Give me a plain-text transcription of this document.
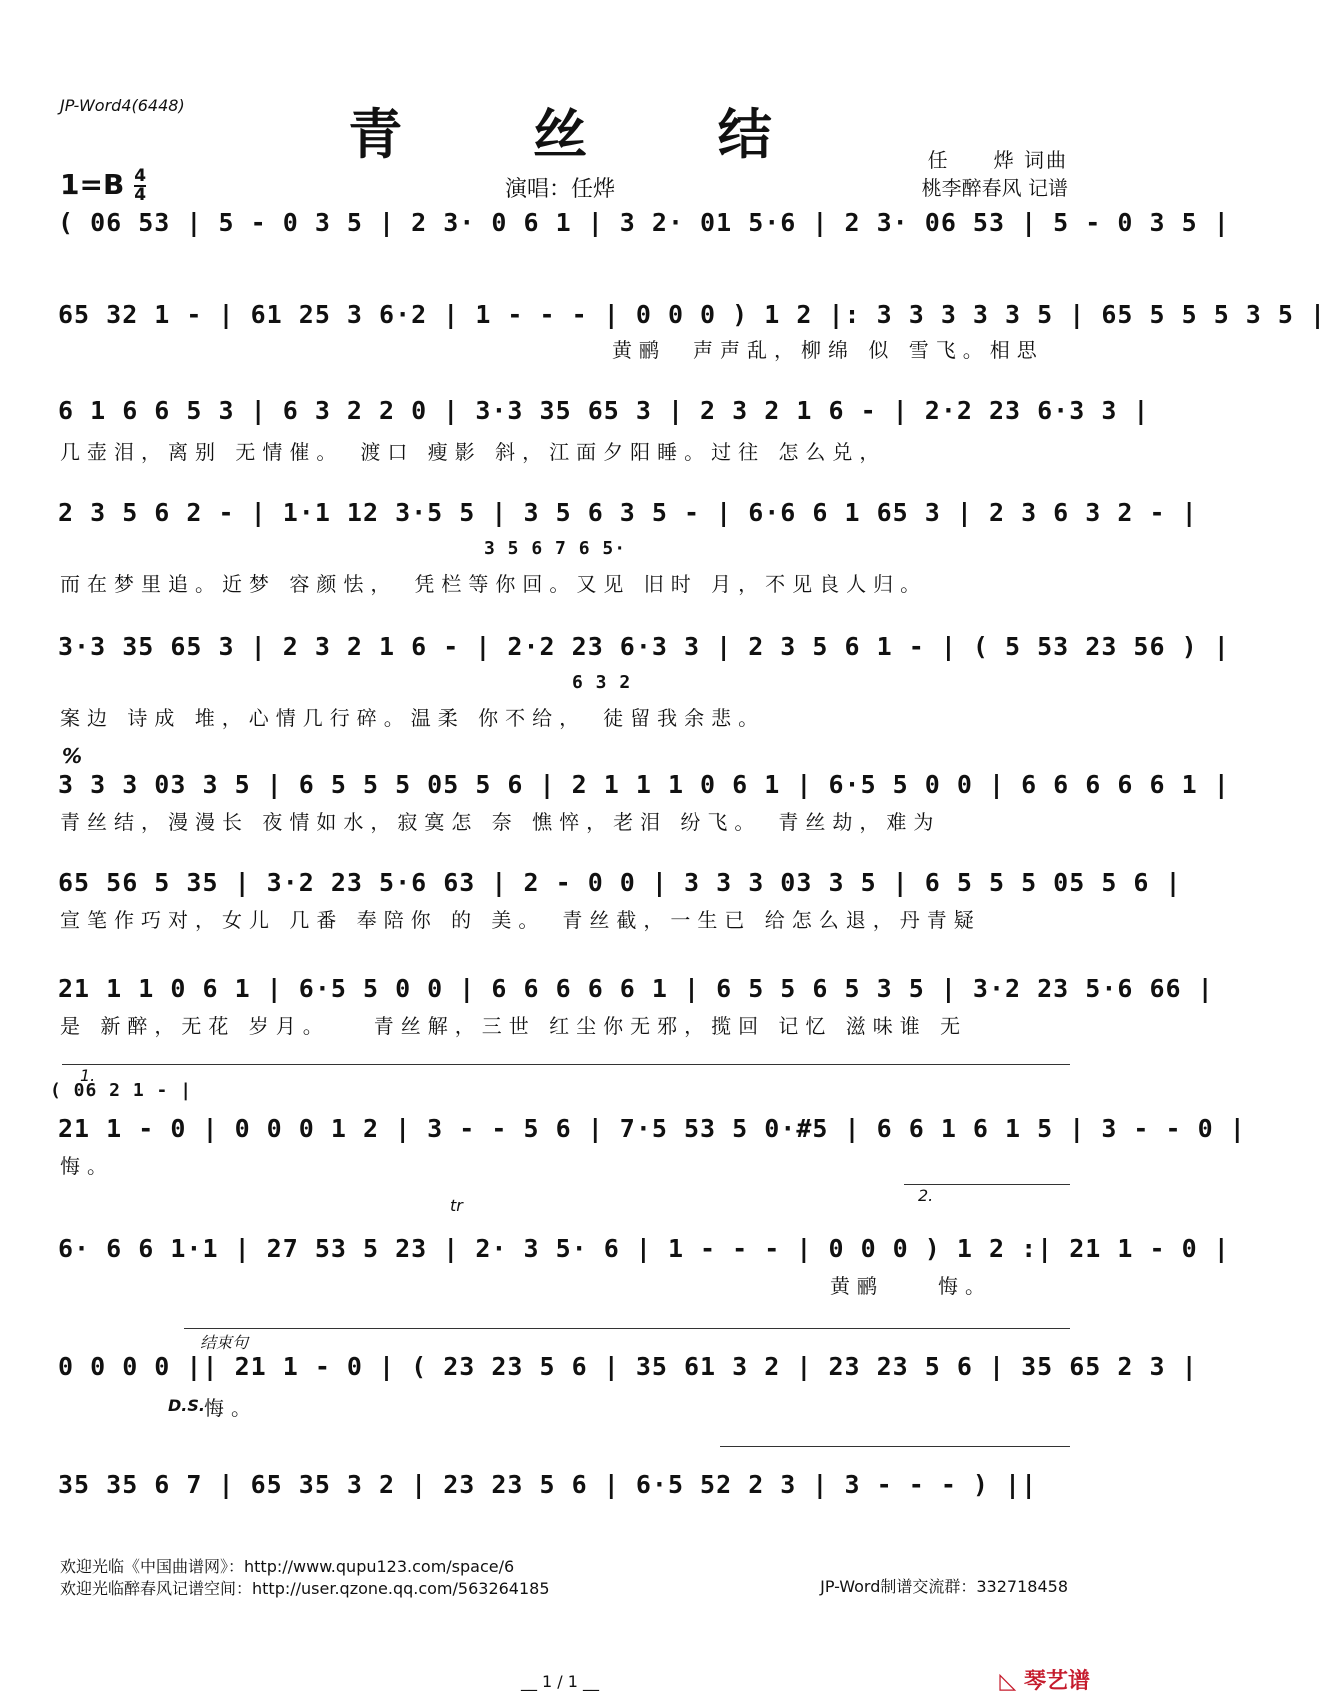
JP-Word4(6448)	青 丝 结
$1=B \frac{4}{4}$	演唱：任烨
任　　烨 词曲
桃李醉春风 记谱
( 06 53 | 5 - 0 3 5 | 2 3· 0 6 1 | 3 2· 01 5·6 | 2 3· 06 53 | 5 - 0 3 5 |
65 32 1 - | 61 25 3 6·2 | 1 - - - | 0 0 0 ) 1 2 |: 3 3 3 3 3 5 | 65 5 5 5 3 5 |
黄鹂　声声乱，柳绵 似 雪飞。相思
6 1 6 6 5 3 | 6 3 2 2 0 | 3·3 35 65 3 | 2 3 2 1 6 - | 2·2 23 6·3 3 |
几壶泪，离别 无情催。　渡口 瘦影 斜，江面夕阳睡。过往 怎么兑，
2 3 5 6 2 - | 1·1 12 3·5 5 | 3 5 6 3 5 - | 6·6 6 1 65 3 | 2 3 6 3 2 - |
3 5 6 7 6 5·
而在梦里追。近梦 容颜怯，　凭栏等你回。又见 旧时 月，不见良人归。
3·3 35 65 3 | 2 3 2 1 6 - | 2·2 23 6·3 3 | 2 3 5 6 1 - | ( 5 53 23 56 ) |
6 3 2
案边 诗成 堆，心情几行碎。温柔 你不给，　徒留我余悲。
%
3 3 3 03 3 5 | 6 5 5 5 05 5 6 | 2 1 1 1 0 6 1 | 6·5 5 0 0 | 6 6 6 6 6 1 |
青丝结，漫漫长 夜情如水，寂寞怎 奈 憔悴，老泪 纷飞。　青丝劫，难为
65 56 5 35 | 3·2 23 5·6 63 | 2 - 0 0 | 3 3 3 03 3 5 | 6 5 5 5 05 5 6 |
宣笔作巧对，女儿 几番 奉陪你 的 美。　青丝截，一生已 给怎么退，丹青疑
21 1 1 0 6 1 | 6·5 5 0 0 | 6 6 6 6 6 1 | 6 5 5 6 5 3 5 | 3·2 23 5·6 66 |
是 新醉，无花 岁月。　　青丝解，三世 红尘你无邪，揽回 记忆 滋味谁 无
1.
( 06 2 1 - |
21 1 - 0 | 0 0 0 1 2 | 3 - - 5 6 | 7·5 53 5 0·#5 | 6 6 1 6 1 5 | 3 - - 0 |
悔。
2.
tr
6· 6 6 1·1 | 27 53 5 23 | 2· 3 5· 6 | 1 - - - | 0 0 0 ) 1 2 :| 21 1 - 0 |
黄鹂　　悔。
结束句
0 0 0 0 || 21 1 - 0 | ( 23 23 5 6 | 35 61 3 2 | 23 23 5 6 | 35 65 2 3 |
D.S. 悔。
35 35 6 7 | 65 35 3 2 | 23 23 5 6 | 6·5 52 2 3 | 3 - - - ) ||
欢迎光临《中国曲谱网》：http://www.qupu123.com/space/6
欢迎光临醉春风记谱空间：http://user.qzone.qq.com/563264185	JP-Word制谱交流群：332718458
__ 1 / 1 __	◺ 琴艺谱
